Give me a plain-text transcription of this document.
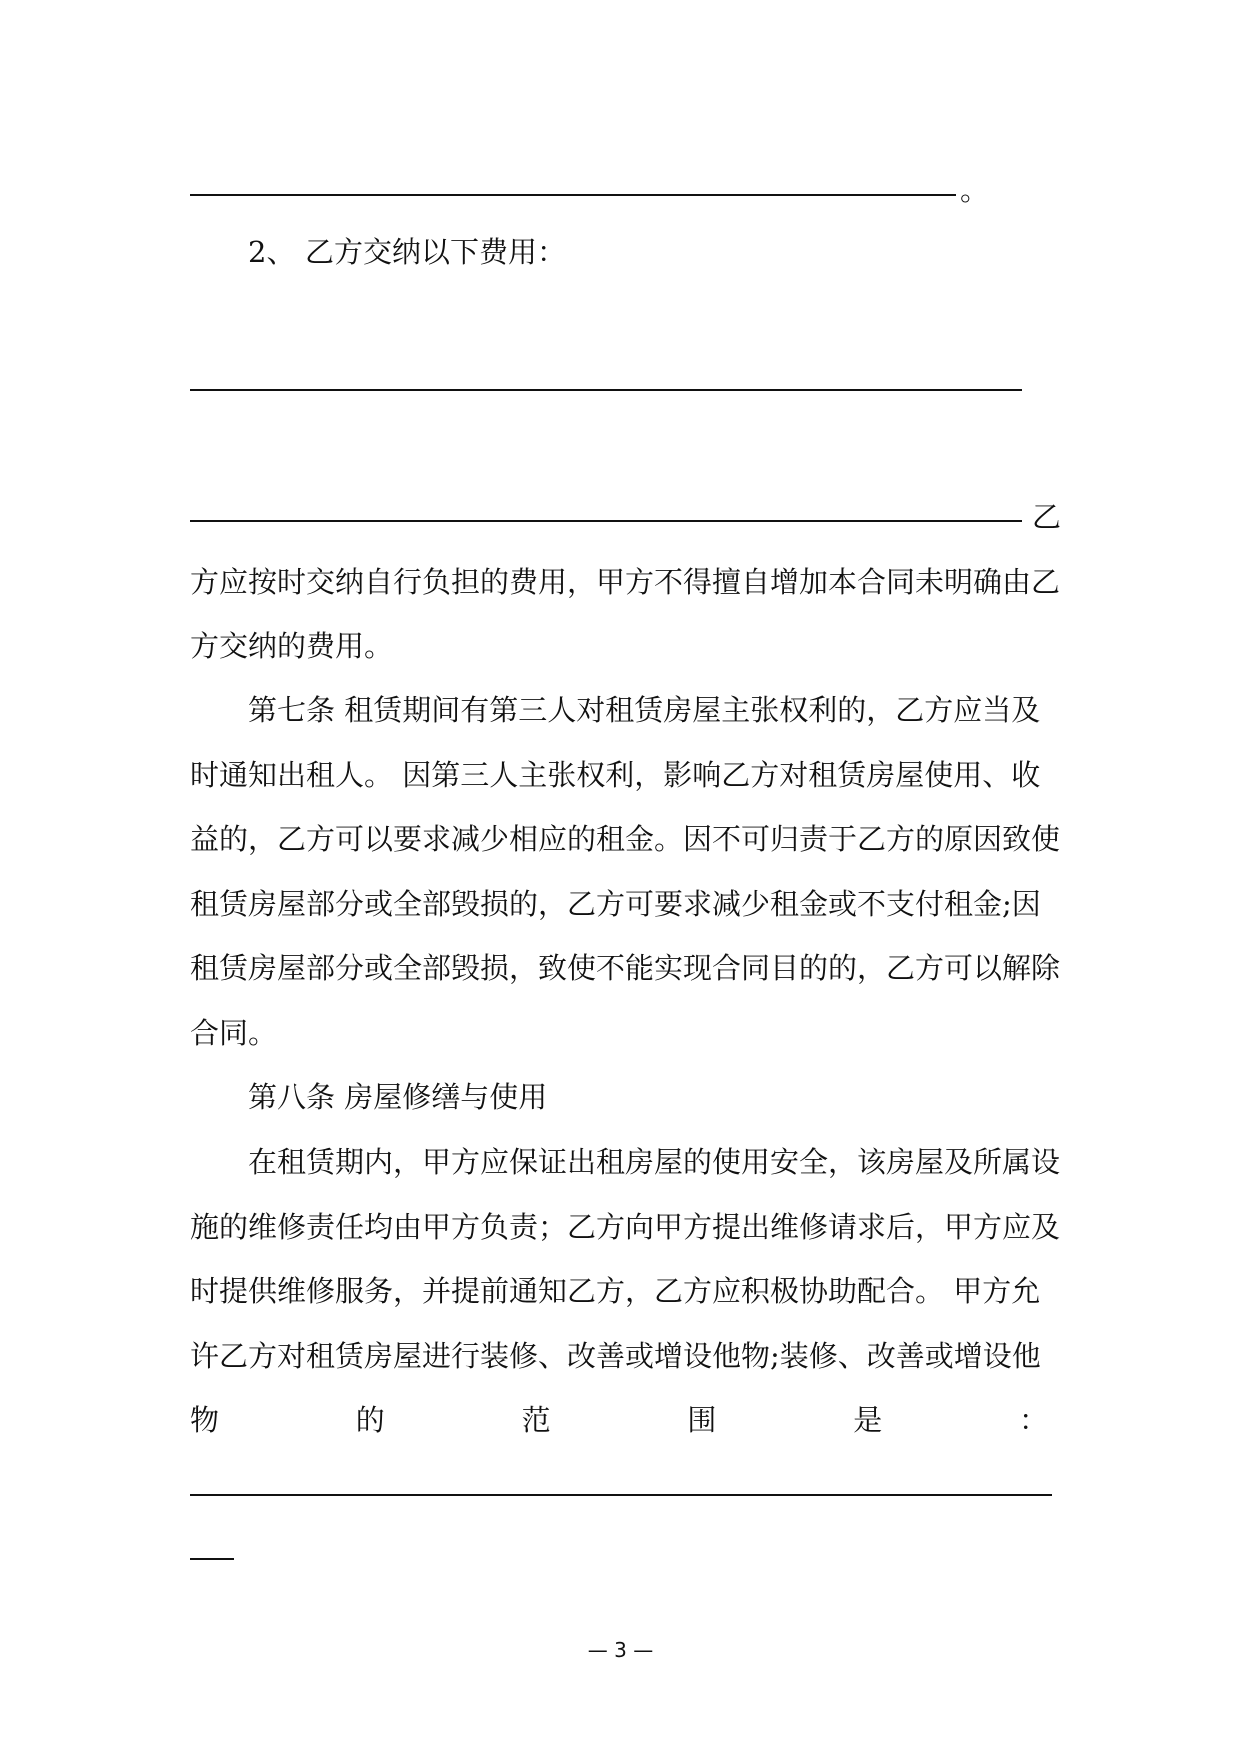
。
2、 乙方交纳以下费用：
乙
方应按时交纳自行负担的费用，甲方不得擅自增加本合同未明确由乙
方交纳的费用。
第七条 租赁期间有第三人对租赁房屋主张权利的，乙方应当及
时通知出租人。 因第三人主张权利，影响乙方对租赁房屋使用、收
益的，乙方可以要求减少相应的租金。因不可归责于乙方的原因致使
租赁房屋部分或全部毁损的，乙方可要求减少租金或不支付租金;因
租赁房屋部分或全部毁损，致使不能实现合同目的的，乙方可以解除
合同。
第八条 房屋修缮与使用
在租赁期内，甲方应保证出租房屋的使用安全，该房屋及所属设
施的维修责任均由甲方负责；乙方向甲方提出维修请求后，甲方应及
时提供维修服务，并提前通知乙方，乙方应积极协助配合。 甲方允
许乙方对租赁房屋进行装修、改善或增设他物;装修、改善或增设他
物	的	范	围	是	：
— 3 —
